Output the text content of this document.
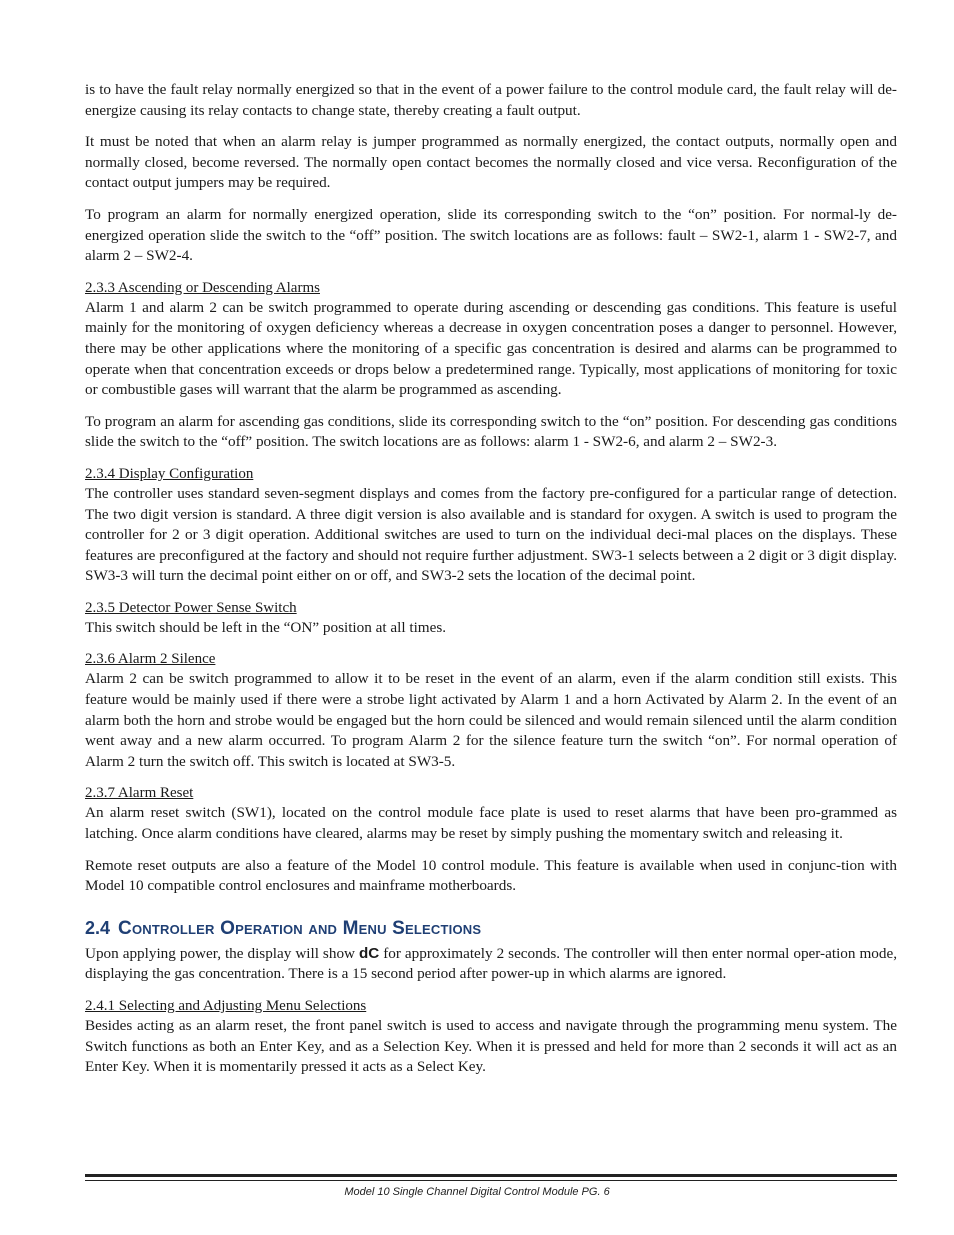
is to have the fault relay normally energized so that in the event of a power failure to the control module card, the fault relay will de-energize causing its relay contacts to change state, thereby creating a fault output.

It must be noted that when an alarm relay is jumper programmed as normally energized, the contact outputs, normally open and normally closed, become reversed. The normally open contact becomes the normally closed and vice versa. Reconfiguration of the contact output jumpers may be required.

To program an alarm for normally energized operation, slide its corresponding switch to the “on” position. For normal-ly de-energized operation slide the switch to the “off” position. The switch locations are as follows: fault – SW2-1, alarm 1 - SW2-7, and alarm 2 – SW2-4.

2.3.3 Ascending or Descending Alarms

Alarm 1 and alarm 2 can be switch programmed to operate during ascending or descending gas conditions. This feature is useful mainly for the monitoring of oxygen deficiency whereas a decrease in oxygen concentration poses a danger to personnel. However, there may be other applications where the monitoring of a specific gas concentration is desired and alarms can be programmed to operate when that concentration exceeds or drops below a predetermined range. Typically, most applications of monitoring for toxic or combustible gases will warrant that the alarm be programmed as ascending.

To program an alarm for ascending gas conditions, slide its corresponding switch to the “on” position. For descending gas conditions slide the switch to the “off” position. The switch locations are as follows: alarm 1 - SW2-6, and alarm 2 – SW2-3.

2.3.4 Display Configuration

The controller uses standard seven-segment displays and comes from the factory pre-configured for a particular range of detection. The two digit version is standard. A three digit version is also available and is standard for oxygen. A switch is used to program the controller for 2 or 3 digit operation. Additional switches are used to turn on the individual deci-mal places on the displays. These features are preconfigured at the factory and should not require further adjustment. SW3-1 selects between a 2 digit or 3 digit display. SW3-3 will turn the decimal point either on or off, and SW3-2 sets the location of the decimal point.

2.3.5 Detector Power Sense Switch

This switch should be left in the “ON” position at all times.

2.3.6 Alarm 2 Silence

Alarm 2 can be switch programmed to allow it to be reset in the event of an alarm, even if the alarm condition still exists. This feature would be mainly used if there were a strobe light activated by Alarm 1 and a horn Activated by Alarm 2. In the event of an alarm both the horn and strobe would be engaged but the horn could be silenced and would remain silenced until the alarm condition went away and a new alarm occurred. To program Alarm 2 for the silence feature turn the switch “on”. For normal operation of Alarm 2 turn the switch off. This switch is located at SW3-5.

2.3.7 Alarm Reset

An alarm reset switch (SW1), located on the control module face plate is used to reset alarms that have been pro-grammed as latching. Once alarm conditions have cleared, alarms may be reset by simply pushing the momentary switch and releasing it.

Remote reset outputs are also a feature of the Model 10 control module. This feature is available when used in conjunc-tion with Model 10 compatible control enclosures and mainframe motherboards.

2.4 Controller Operation and Menu Selections

Upon applying power, the display will show dC for approximately 2 seconds. The controller will then enter normal oper-ation mode, displaying the gas concentration. There is a 15 second period after power-up in which alarms are ignored.

2.4.1 Selecting and Adjusting Menu Selections

Besides acting as an alarm reset, the front panel switch is used to access and navigate through the programming menu system. The Switch functions as both an Enter Key, and as a Selection Key. When it is pressed and held for more than 2 seconds it will act as an Enter Key. When it is momentarily pressed it acts as a Select Key.

Model 10 Single Channel Digital Control Module PG. 6
